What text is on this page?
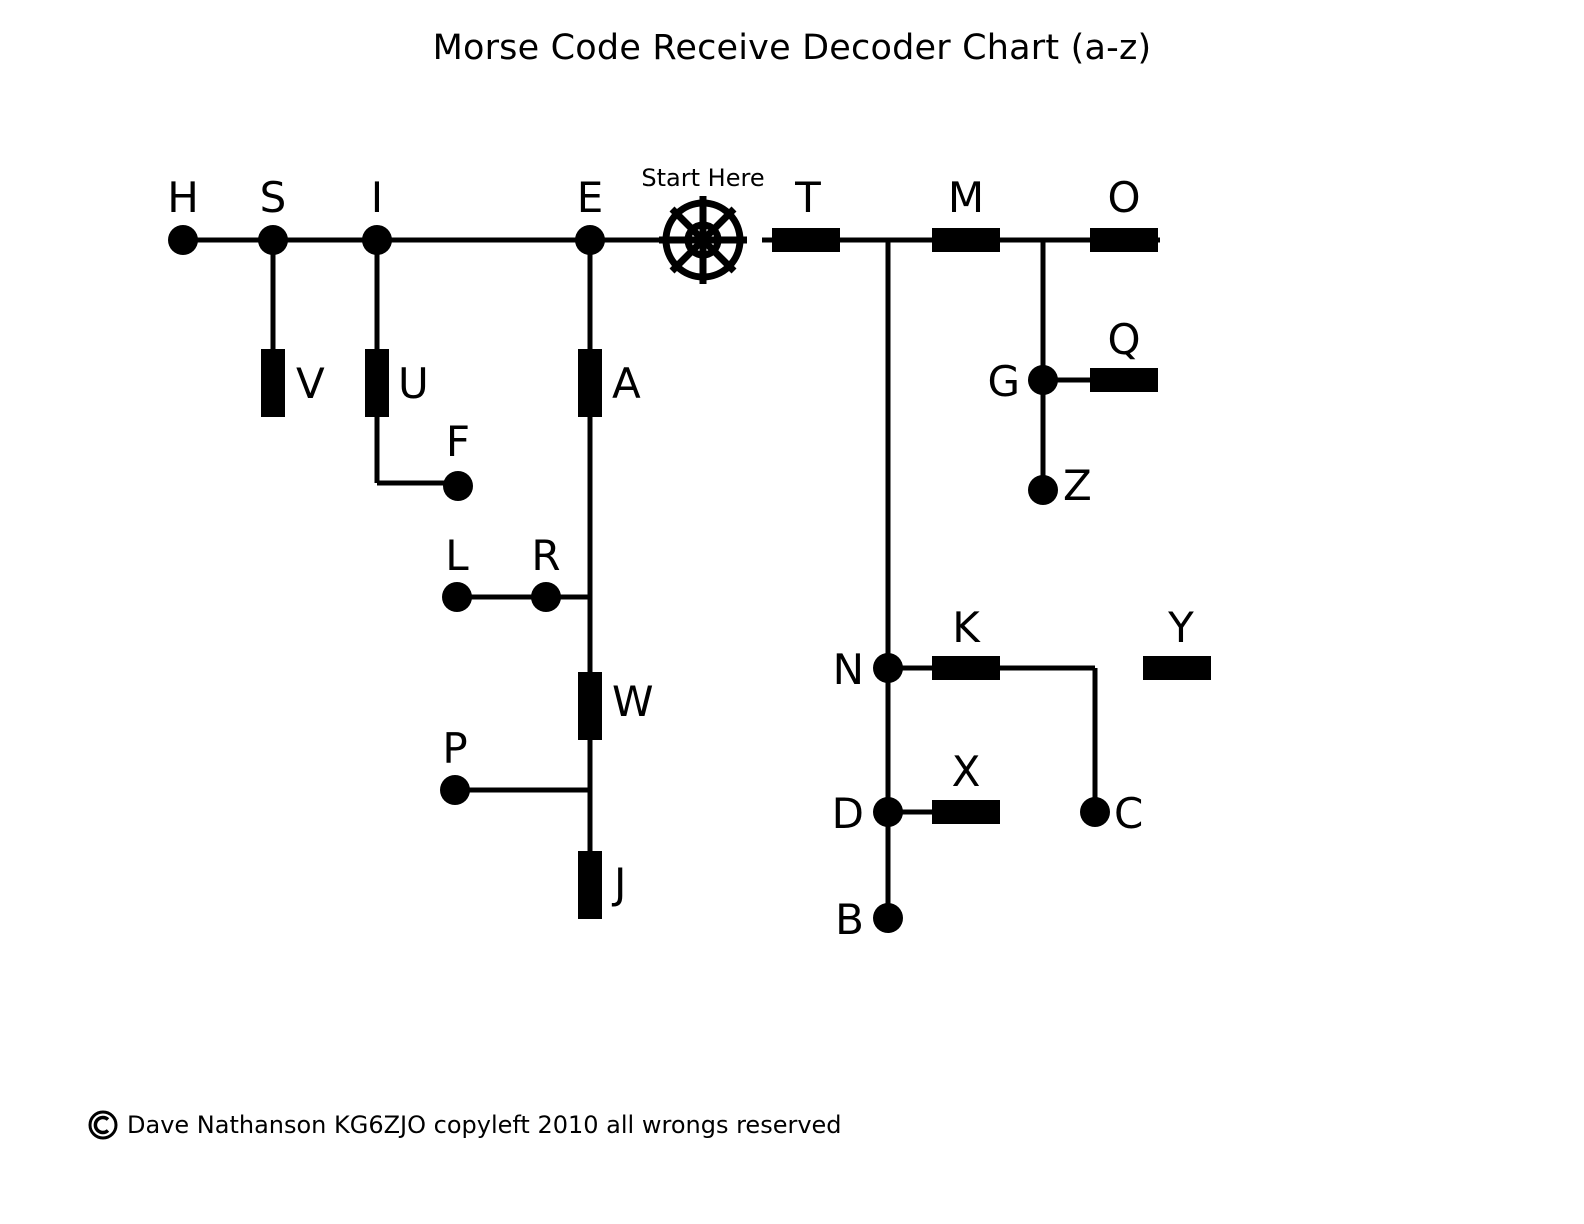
Morse Code Receive Decoder Chart (a-z)
H S I	E Start Here T	M	O
V U	A
Q
G
F
Z
L R
W
P
J
N
K	Y
D
X
C
B
Dave Nathanson KG6ZJO copyleft 2010 all wrongs reserved
